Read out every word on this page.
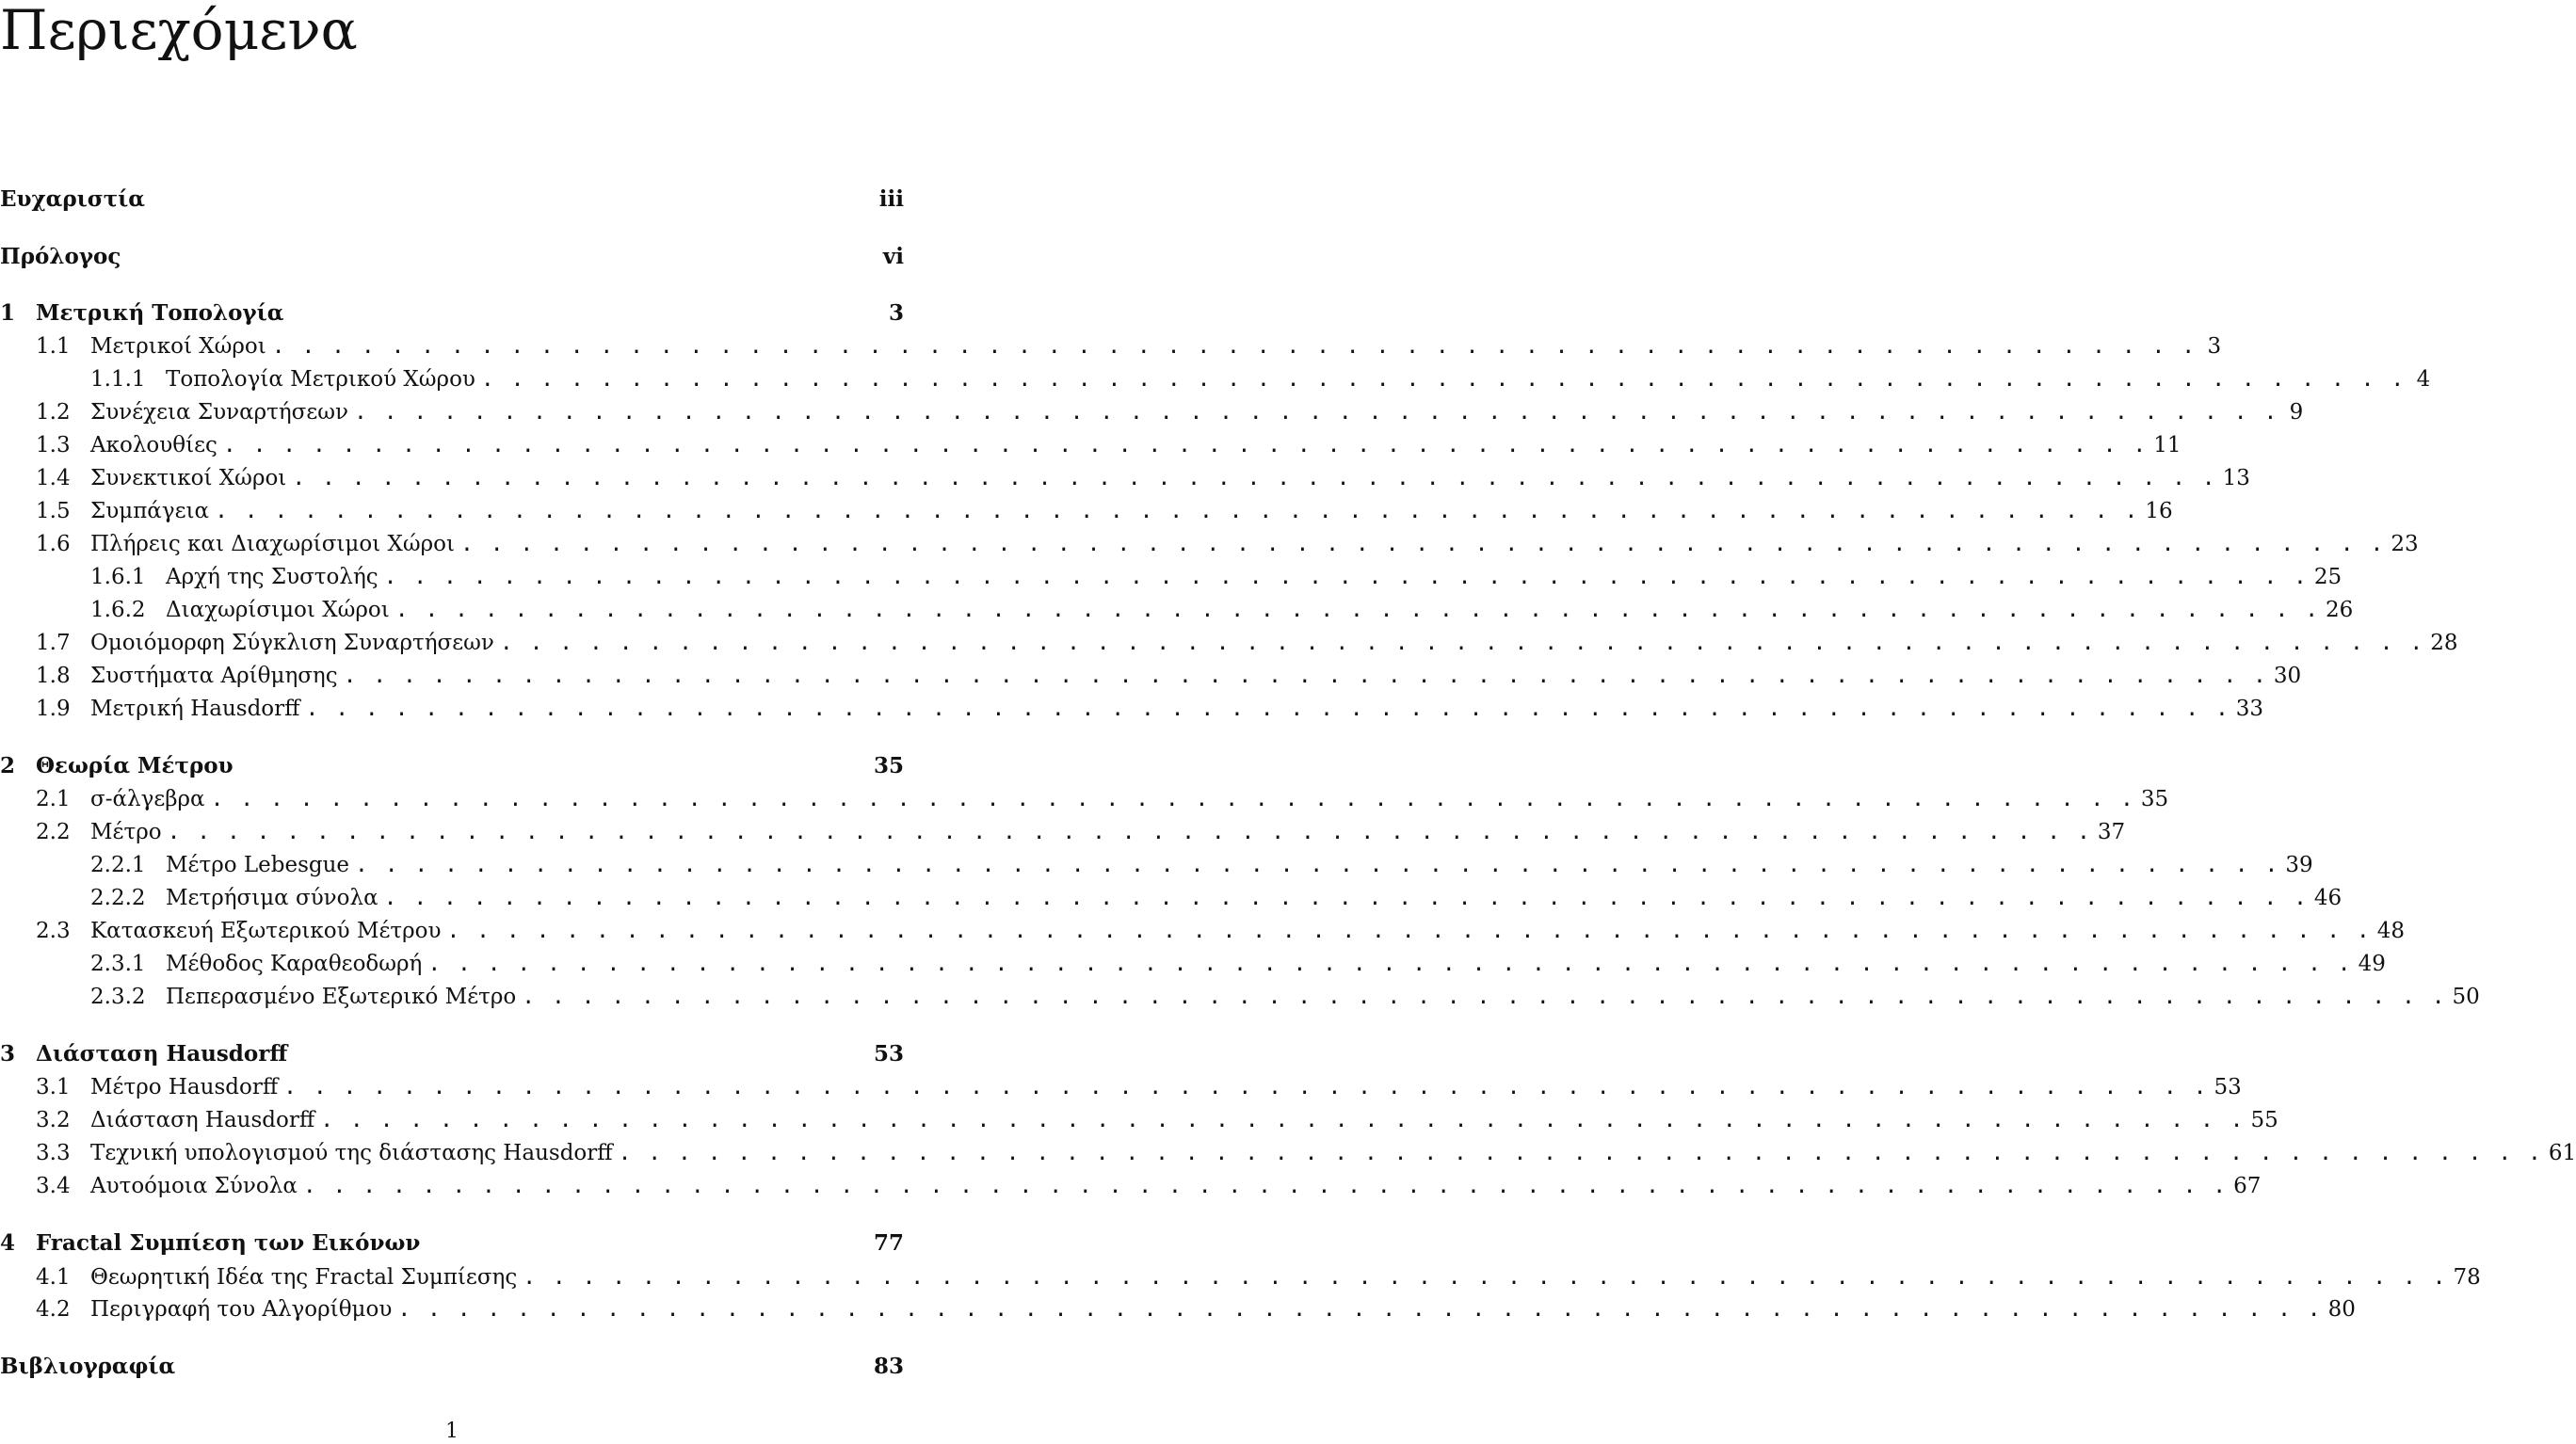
Περιεχόμενα
Ευχαριστία	iii
Πρόλογος	vi
1 Μετρική Τοπολογία	3
1.1 Μετρικοί Χώροι . . . . . . . . . . . . . . . . . . . . . . . . . . . . . . . . . . . . . . . . . . . . . . . . . . . . . . . . . . . . . . . . . 3
1.1.1 Τοπολογία Μετρικού Χώρου . . . . . . . . . . . . . . . . . . . . . . . . . . . . . . . . . . . . . . . . . . . . . . . . . . . . . . . . . . . . . . . . . 4
1.2 Συνέχεια Συναρτήσεων . . . . . . . . . . . . . . . . . . . . . . . . . . . . . . . . . . . . . . . . . . . . . . . . . . . . . . . . . . . . . . . . . 9
1.3 Ακολουθίες . . . . . . . . . . . . . . . . . . . . . . . . . . . . . . . . . . . . . . . . . . . . . . . . . . . . . . . . . . . . . . . . . 11
1.4 Συνεκτικοί Χώροι . . . . . . . . . . . . . . . . . . . . . . . . . . . . . . . . . . . . . . . . . . . . . . . . . . . . . . . . . . . . . . . . . 13
1.5 Συμπάγεια . . . . . . . . . . . . . . . . . . . . . . . . . . . . . . . . . . . . . . . . . . . . . . . . . . . . . . . . . . . . . . . . . 16
1.6 Πλήρεις και Διαχωρίσιμοι Χώροι . . . . . . . . . . . . . . . . . . . . . . . . . . . . . . . . . . . . . . . . . . . . . . . . . . . . . . . . . . . . . . . . . 23
1.6.1 Αρχή της Συστολής . . . . . . . . . . . . . . . . . . . . . . . . . . . . . . . . . . . . . . . . . . . . . . . . . . . . . . . . . . . . . . . . . 25
1.6.2 Διαχωρίσιμοι Χώροι . . . . . . . . . . . . . . . . . . . . . . . . . . . . . . . . . . . . . . . . . . . . . . . . . . . . . . . . . . . . . . . . . 26
1.7 Ομοιόμορφη Σύγκλιση Συναρτήσεων . . . . . . . . . . . . . . . . . . . . . . . . . . . . . . . . . . . . . . . . . . . . . . . . . . . . . . . . . . . . . . . . . 28
1.8 Συστήματα Αρίθμησης . . . . . . . . . . . . . . . . . . . . . . . . . . . . . . . . . . . . . . . . . . . . . . . . . . . . . . . . . . . . . . . . . 30
1.9 Μετρική Hausdorff . . . . . . . . . . . . . . . . . . . . . . . . . . . . . . . . . . . . . . . . . . . . . . . . . . . . . . . . . . . . . . . . . 33
2 Θεωρία Μέτρου	35
2.1 σ-άλγεβρα . . . . . . . . . . . . . . . . . . . . . . . . . . . . . . . . . . . . . . . . . . . . . . . . . . . . . . . . . . . . . . . . . 35
2.2 Μέτρο . . . . . . . . . . . . . . . . . . . . . . . . . . . . . . . . . . . . . . . . . . . . . . . . . . . . . . . . . . . . . . . . . 37
2.2.1 Μέτρο Lebesgue . . . . . . . . . . . . . . . . . . . . . . . . . . . . . . . . . . . . . . . . . . . . . . . . . . . . . . . . . . . . . . . . . 39
2.2.2 Μετρήσιμα σύνολα . . . . . . . . . . . . . . . . . . . . . . . . . . . . . . . . . . . . . . . . . . . . . . . . . . . . . . . . . . . . . . . . . 46
2.3 Κατασκευή Εξωτερικού Μέτρου . . . . . . . . . . . . . . . . . . . . . . . . . . . . . . . . . . . . . . . . . . . . . . . . . . . . . . . . . . . . . . . . . 48
2.3.1 Μέθοδος Καραθεοδωρή . . . . . . . . . . . . . . . . . . . . . . . . . . . . . . . . . . . . . . . . . . . . . . . . . . . . . . . . . . . . . . . . . 49
2.3.2 Πεπερασμένο Εξωτερικό Μέτρο . . . . . . . . . . . . . . . . . . . . . . . . . . . . . . . . . . . . . . . . . . . . . . . . . . . . . . . . . . . . . . . . . 50
3 Διάσταση Hausdorff	53
3.1 Μέτρο Hausdorff . . . . . . . . . . . . . . . . . . . . . . . . . . . . . . . . . . . . . . . . . . . . . . . . . . . . . . . . . . . . . . . . . 53
3.2 Διάσταση Hausdorff . . . . . . . . . . . . . . . . . . . . . . . . . . . . . . . . . . . . . . . . . . . . . . . . . . . . . . . . . . . . . . . . . 55
3.3 Τεχνική υπολογισμού της διάστασης Hausdorff . . . . . . . . . . . . . . . . . . . . . . . . . . . . . . . . . . . . . . . . . . . . . . . . . . . . . . . . . . . . . . . . . 61
3.4 Αυτοόμοια Σύνολα . . . . . . . . . . . . . . . . . . . . . . . . . . . . . . . . . . . . . . . . . . . . . . . . . . . . . . . . . . . . . . . . . 67
4 Fractal Συμπίεση των Εικόνων	77
4.1 Θεωρητική Ιδέα της Fractal Συμπίεσης . . . . . . . . . . . . . . . . . . . . . . . . . . . . . . . . . . . . . . . . . . . . . . . . . . . . . . . . . . . . . . . . . 78
4.2 Περιγραφή του Αλγορίθμου . . . . . . . . . . . . . . . . . . . . . . . . . . . . . . . . . . . . . . . . . . . . . . . . . . . . . . . . . . . . . . . . . 80
Βιβλιογραφία	83
1
